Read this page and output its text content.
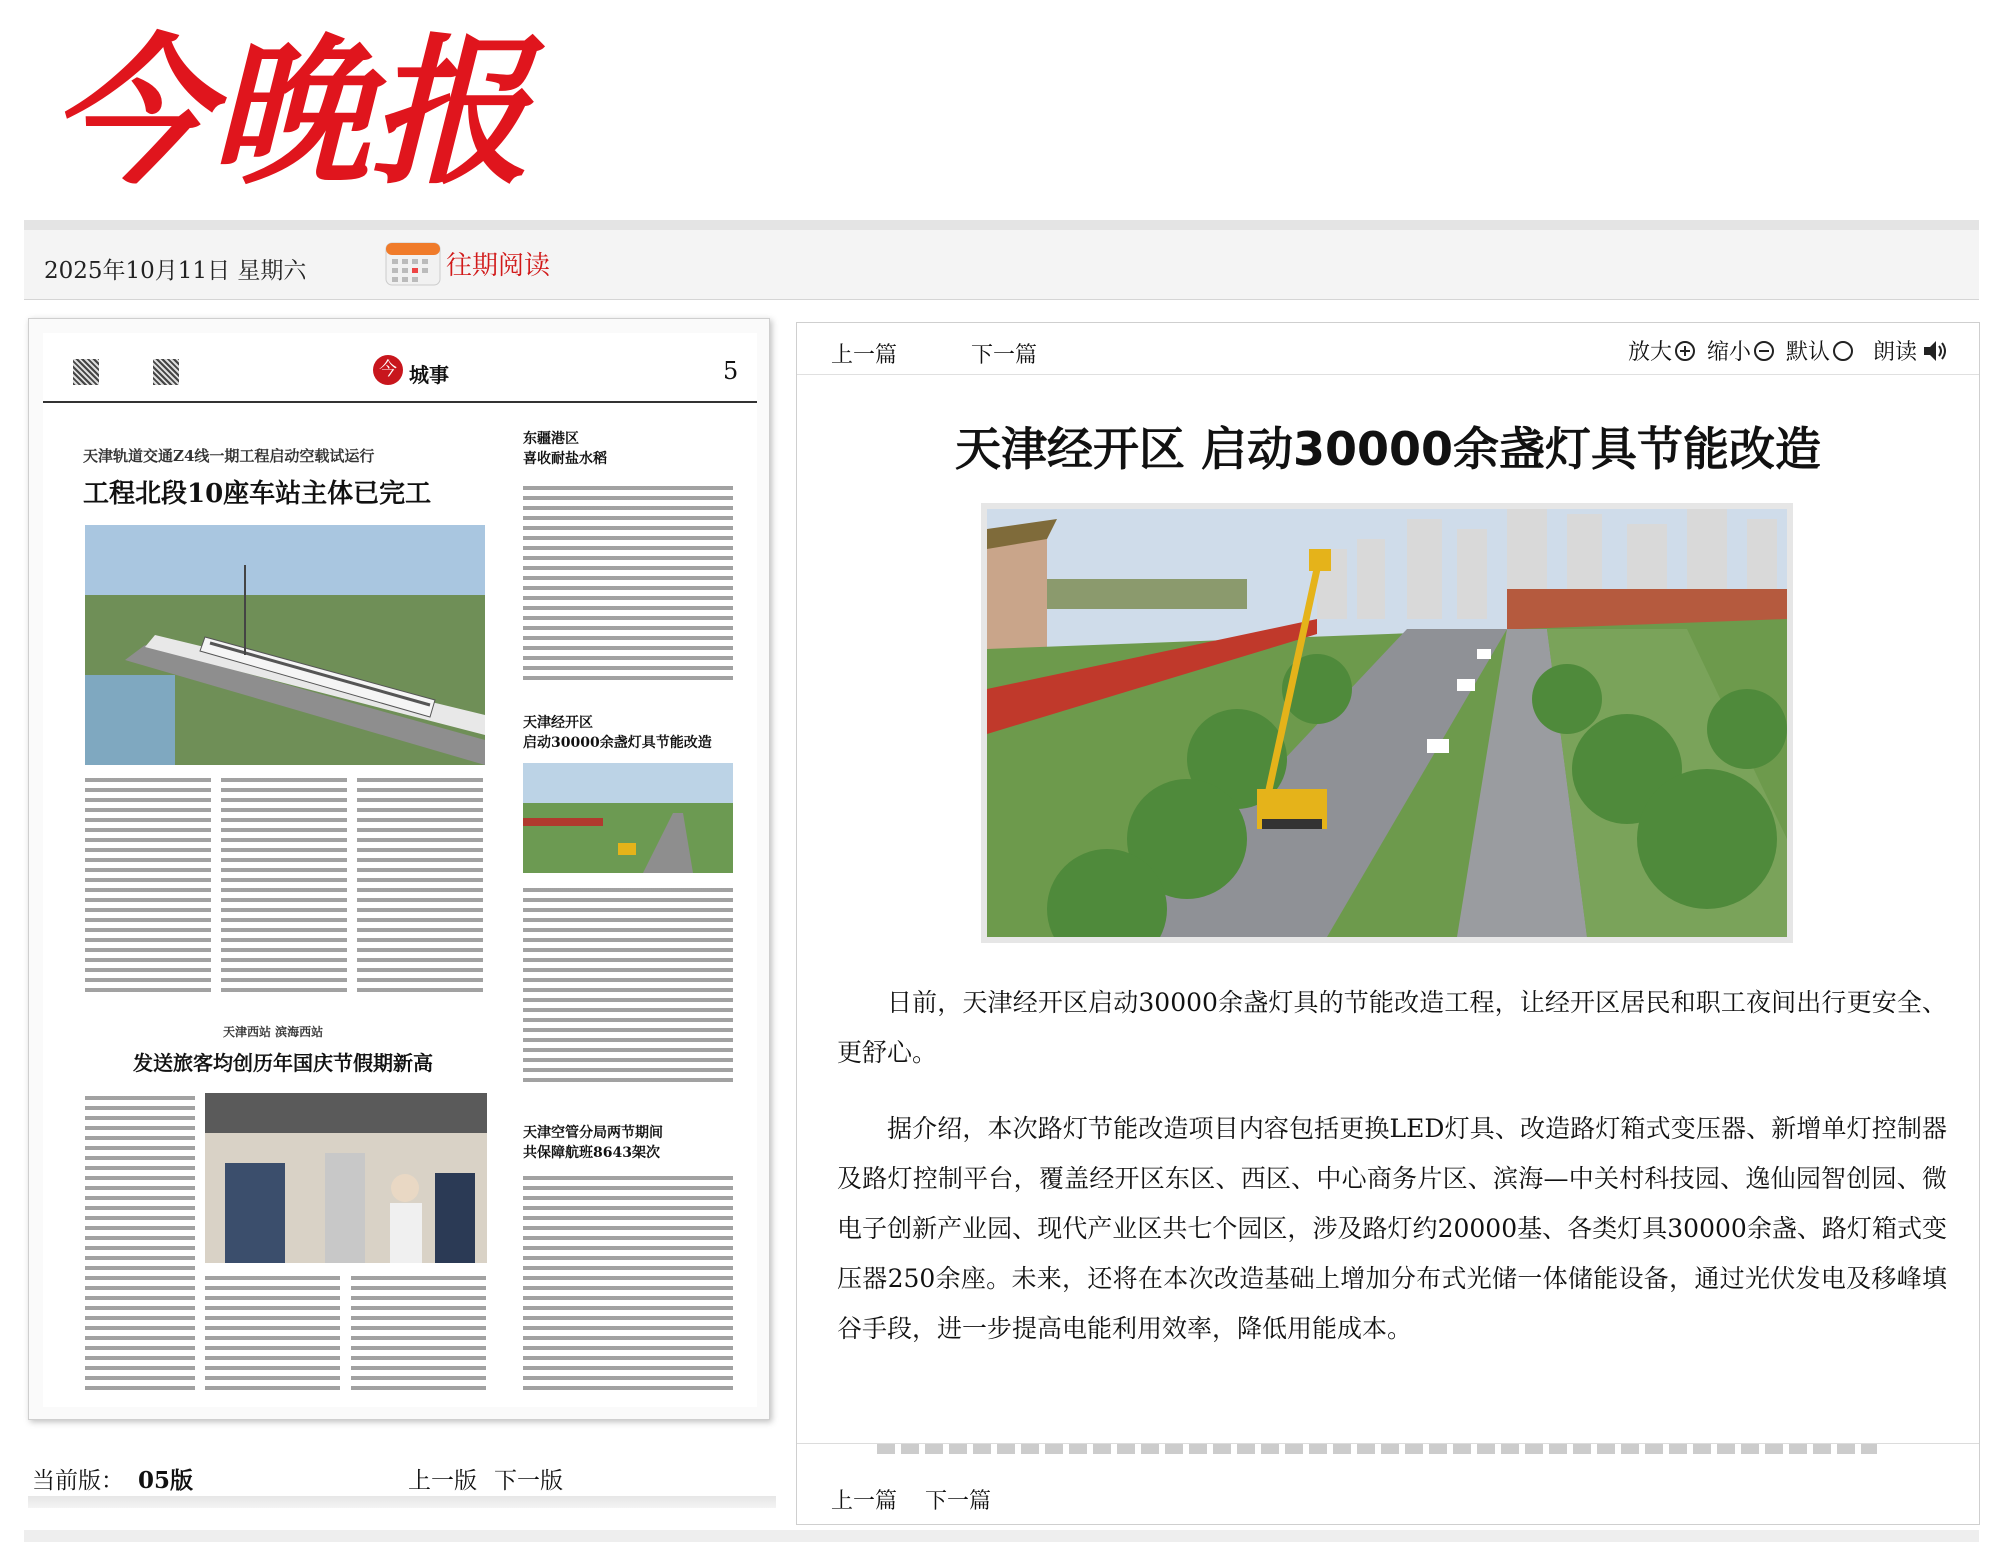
今晚报
2025年10月11日 星期六	往期阅读
今 城事	5
天津轨道交通Z4线一期工程启动空载试运行
工程北段10座车站主体已完工
天津西站 滨海西站
发送旅客均创历年国庆节假期新高
东疆港区
喜收耐盐水稻
天津经开区
启动30000余盏灯具节能改造
天津空管分局两节期间
共保障航班8643架次
当前版： 05版	上一版 下一版
上一篇	下一篇	放大 缩小 默认 朗读
天津经开区 启动30000余盏灯具节能改造

日前，天津经开区启动30000余盏灯具的节能改造工程，让经开区居民和职工夜间出行更安全、更舒心。

据介绍，本次路灯节能改造项目内容包括更换LED灯具、改造路灯箱式变压器、新增单灯控制器及路灯控制平台，覆盖经开区东区、西区、中心商务片区、滨海—中关村科技园、逸仙园智创园、微电子创新产业园、现代产业区共七个园区，涉及路灯约20000基、各类灯具30000余盏、路灯箱式变压器250余座。未来，还将在本次改造基础上增加分布式光储一体储能设备，通过光伏发电及移峰填谷手段，进一步提高电能利用效率，降低用能成本。

上一篇 下一篇
